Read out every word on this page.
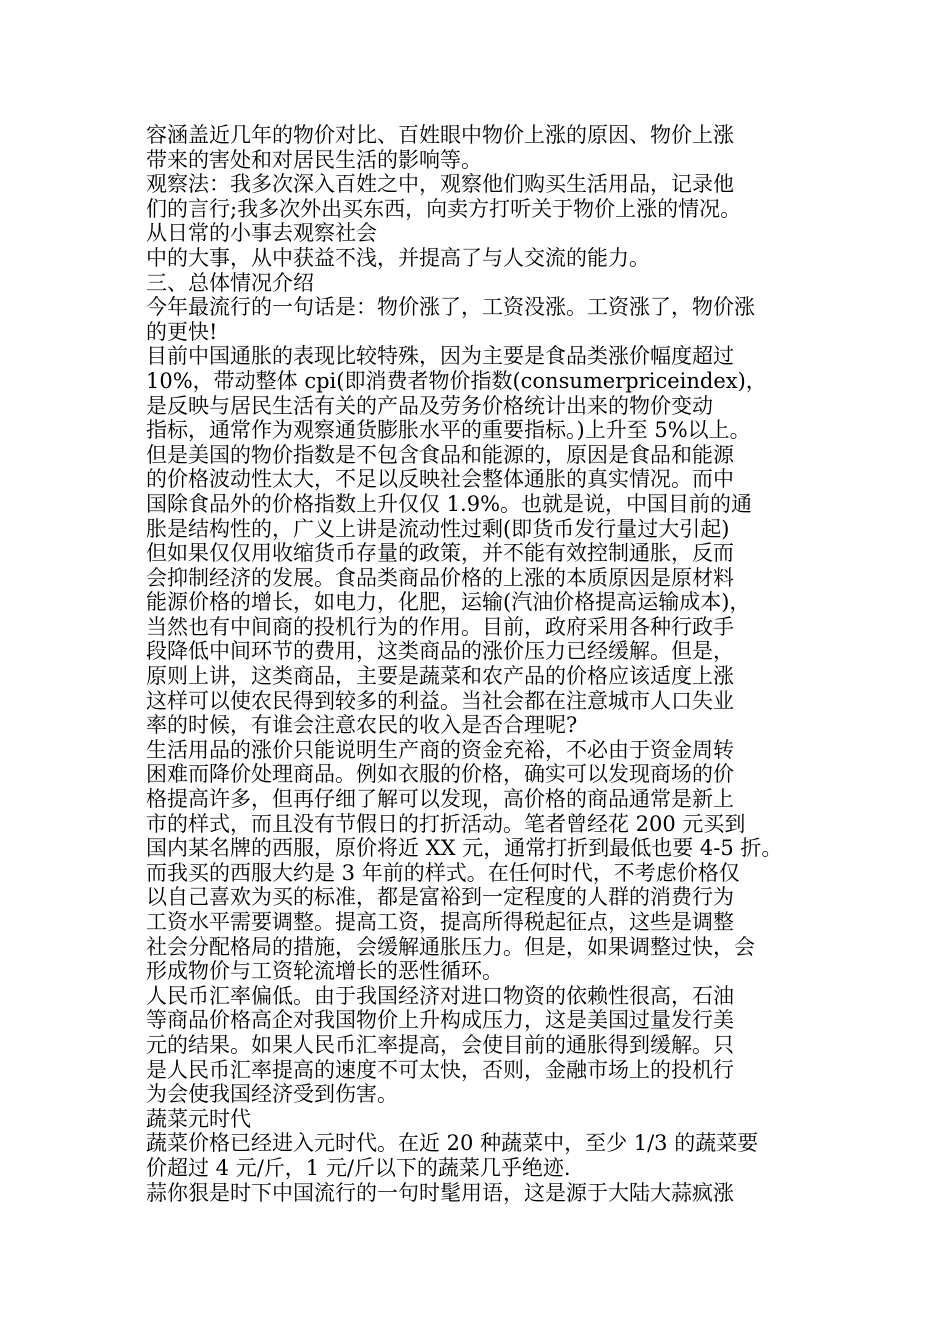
容涵盖近几年的物价对比、百姓眼中物价上涨的原因、物价上涨
带来的害处和对居民生活的影响等。
观察法：我多次深入百姓之中，观察他们购买生活用品，记录他
们的言行;我多次外出买东西，向卖方打听关于物价上涨的情况。
从日常的小事去观察社会
中的大事，从中获益不浅，并提高了与人交流的能力。
三、总体情况介绍
今年最流行的一句话是：物价涨了，工资没涨。工资涨了，物价涨
的更快!
目前中国通胀的表现比较特殊，因为主要是食品类涨价幅度超过
10%，带动整体 cpi(即消费者物价指数(consumerpriceindex)，
是反映与居民生活有关的产品及劳务价格统计出来的物价变动
指标，通常作为观察通货膨胀水平的重要指标。)上升至 5%以上。
但是美国的物价指数是不包含食品和能源的，原因是食品和能源
的价格波动性太大，不足以反映社会整体通胀的真实情况。而中
国除食品外的价格指数上升仅仅 1.9%。也就是说，中国目前的通
胀是结构性的，广义上讲是流动性过剩(即货币发行量过大引起)
但如果仅仅用收缩货币存量的政策，并不能有效控制通胀，反而
会抑制经济的发展。食品类商品价格的上涨的本质原因是原材料
能源价格的增长，如电力，化肥，运输(汽油价格提高运输成本)，
当然也有中间商的投机行为的作用。目前，政府采用各种行政手
段降低中间环节的费用，这类商品的涨价压力已经缓解。但是，
原则上讲，这类商品，主要是蔬菜和农产品的价格应该适度上涨
这样可以使农民得到较多的利益。当社会都在注意城市人口失业
率的时候，有谁会注意农民的收入是否合理呢?
生活用品的涨价只能说明生产商的资金充裕，不必由于资金周转
困难而降价处理商品。例如衣服的价格，确实可以发现商场的价
格提高许多，但再仔细了解可以发现，高价格的商品通常是新上
市的样式，而且没有节假日的打折活动。笔者曾经花 200 元买到
国内某名牌的西服，原价将近 XX 元，通常打折到最低也要 4-5 折。
而我买的西服大约是 3 年前的样式。在任何时代，不考虑价格仅
以自己喜欢为买的标准，都是富裕到一定程度的人群的消费行为
工资水平需要调整。提高工资，提高所得税起征点，这些是调整
社会分配格局的措施，会缓解通胀压力。但是，如果调整过快，会
形成物价与工资轮流增长的恶性循环。
人民币汇率偏低。由于我国经济对进口物资的依赖性很高，石油
等商品价格高企对我国物价上升构成压力，这是美国过量发行美
元的结果。如果人民币汇率提高，会使目前的通胀得到缓解。只
是人民币汇率提高的速度不可太快，否则，金融市场上的投机行
为会使我国经济受到伤害。
蔬菜元时代
蔬菜价格已经进入元时代。在近 20 种蔬菜中，至少 1/3 的蔬菜要
价超过 4 元/斤，1 元/斤以下的蔬菜几乎绝迹.
蒜你狠是时下中国流行的一句时髦用语，这是源于大陆大蒜疯涨
